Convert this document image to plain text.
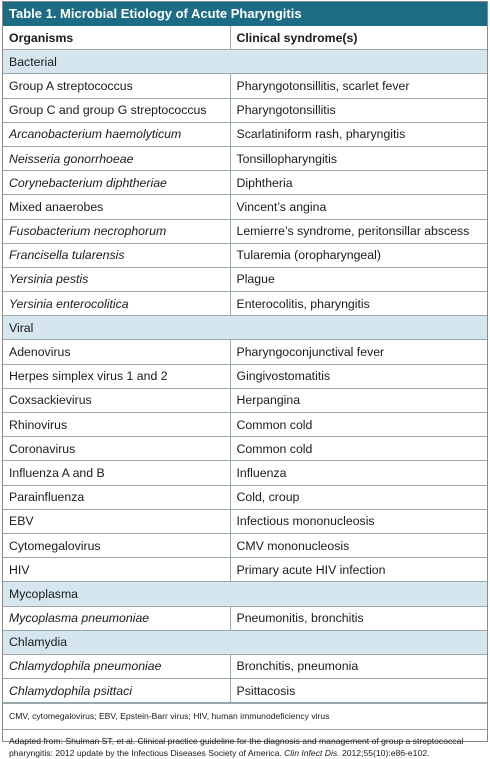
Table 1. Microbial Etiology of Acute Pharyngitis
Organisms	Clinical syndrome(s)
Bacterial	
Group A streptococcus	Pharyngotonsillitis, scarlet fever
Group C and group G streptococcus	Pharyngotonsillitis
Arcanobacterium haemolyticum	Scarlatiniform rash, pharyngitis
Neisseria gonorrhoeae	Tonsillopharyngitis
Corynebacterium diphtheriae	Diphtheria
Mixed anaerobes	Vincent’s angina
Fusobacterium necrophorum	Lemierre’s syndrome, peritonsillar abscess
Francisella tularensis	Tularemia (oropharyngeal)
Yersinia pestis	Plague
Yersinia enterocolitica	Enterocolitis, pharyngitis
Viral	
Adenovirus	Pharyngoconjunctival fever
Herpes simplex virus 1 and 2	Gingivostomatitis
Coxsackievirus	Herpangina
Rhinovirus	Common cold
Coronavirus	Common cold
Influenza A and B	Influenza
Parainfluenza	Cold, croup
EBV	Infectious mononucleosis
Cytomegalovirus	CMV mononucleosis
HIV	Primary acute HIV infection
Mycoplasma	
Mycoplasma pneumoniae	Pneumonitis, bronchitis
Chlamydia	
Chlamydophila pneumoniae	Bronchitis, pneumonia
Chlamydophila psittaci	Psittacosis
CMV, cytomegalovirus; EBV, Epstein-Barr virus; HIV, human immunodeficiency virus
Adapted from: Shulman ST, et al. Clinical practice guideline for the diagnosis and management of group a streptococcal pharyngitis: 2012 update by the Infectious Diseases Society of America. Clin Infect Dis. 2012;55(10):e86-e102.
